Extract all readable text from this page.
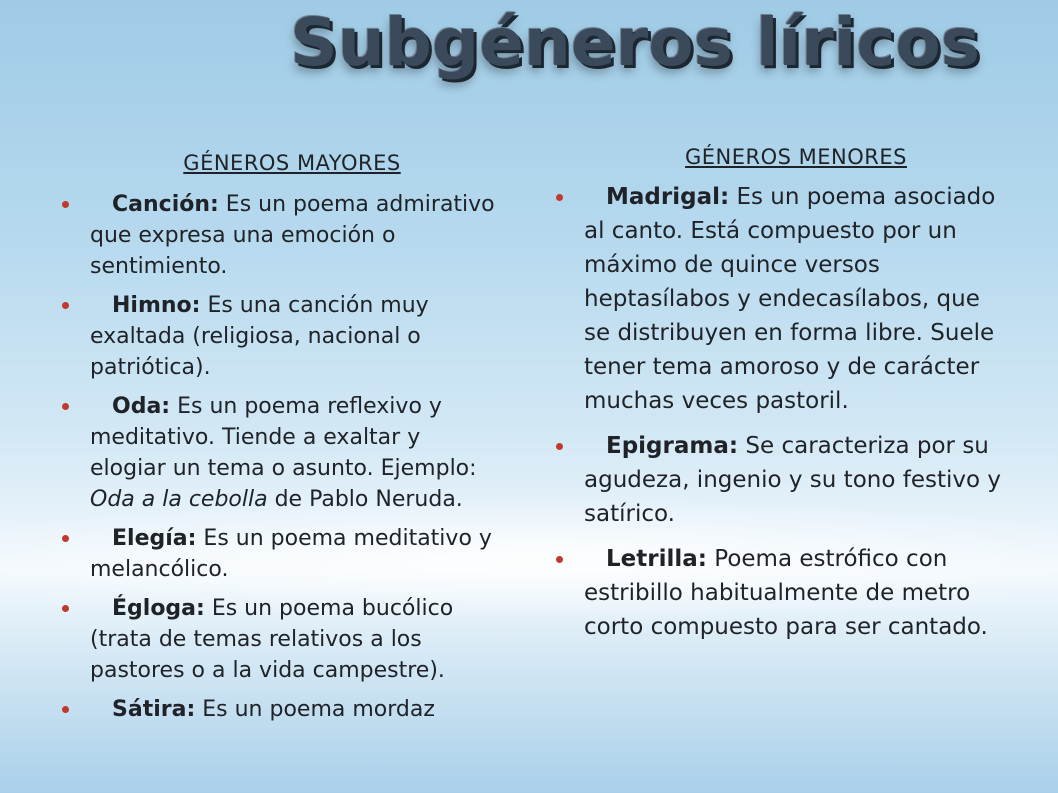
Subgéneros líricos
GÉNEROS MAYORES
Canción: Es un poema admirativo que expresa una emoción o sentimiento.
Himno: Es una canción muy exaltada (religiosa, nacional o patriótica).
Oda: Es un poema reflexivo y meditativo. Tiende a exaltar y elogiar un tema o asunto. Ejemplo: Oda a la cebolla de Pablo Neruda.
Elegía: Es un poema meditativo y melancólico.
Égloga: Es un poema bucólico (trata de temas relativos a los pastores o a la vida campestre).
Sátira: Es un poema mordaz
GÉNEROS MENORES
Madrigal: Es un poema asociado al canto. Está compuesto por un máximo de quince versos heptasílabos y endecasílabos, que se distribuyen en forma libre. Suele tener tema amoroso y de carácter muchas veces pastoril.
Epigrama: Se caracteriza por su agudeza, ingenio y su tono festivo y satírico.
Letrilla: Poema estrófico con estribillo habitualmente de metro corto compuesto para ser cantado.
